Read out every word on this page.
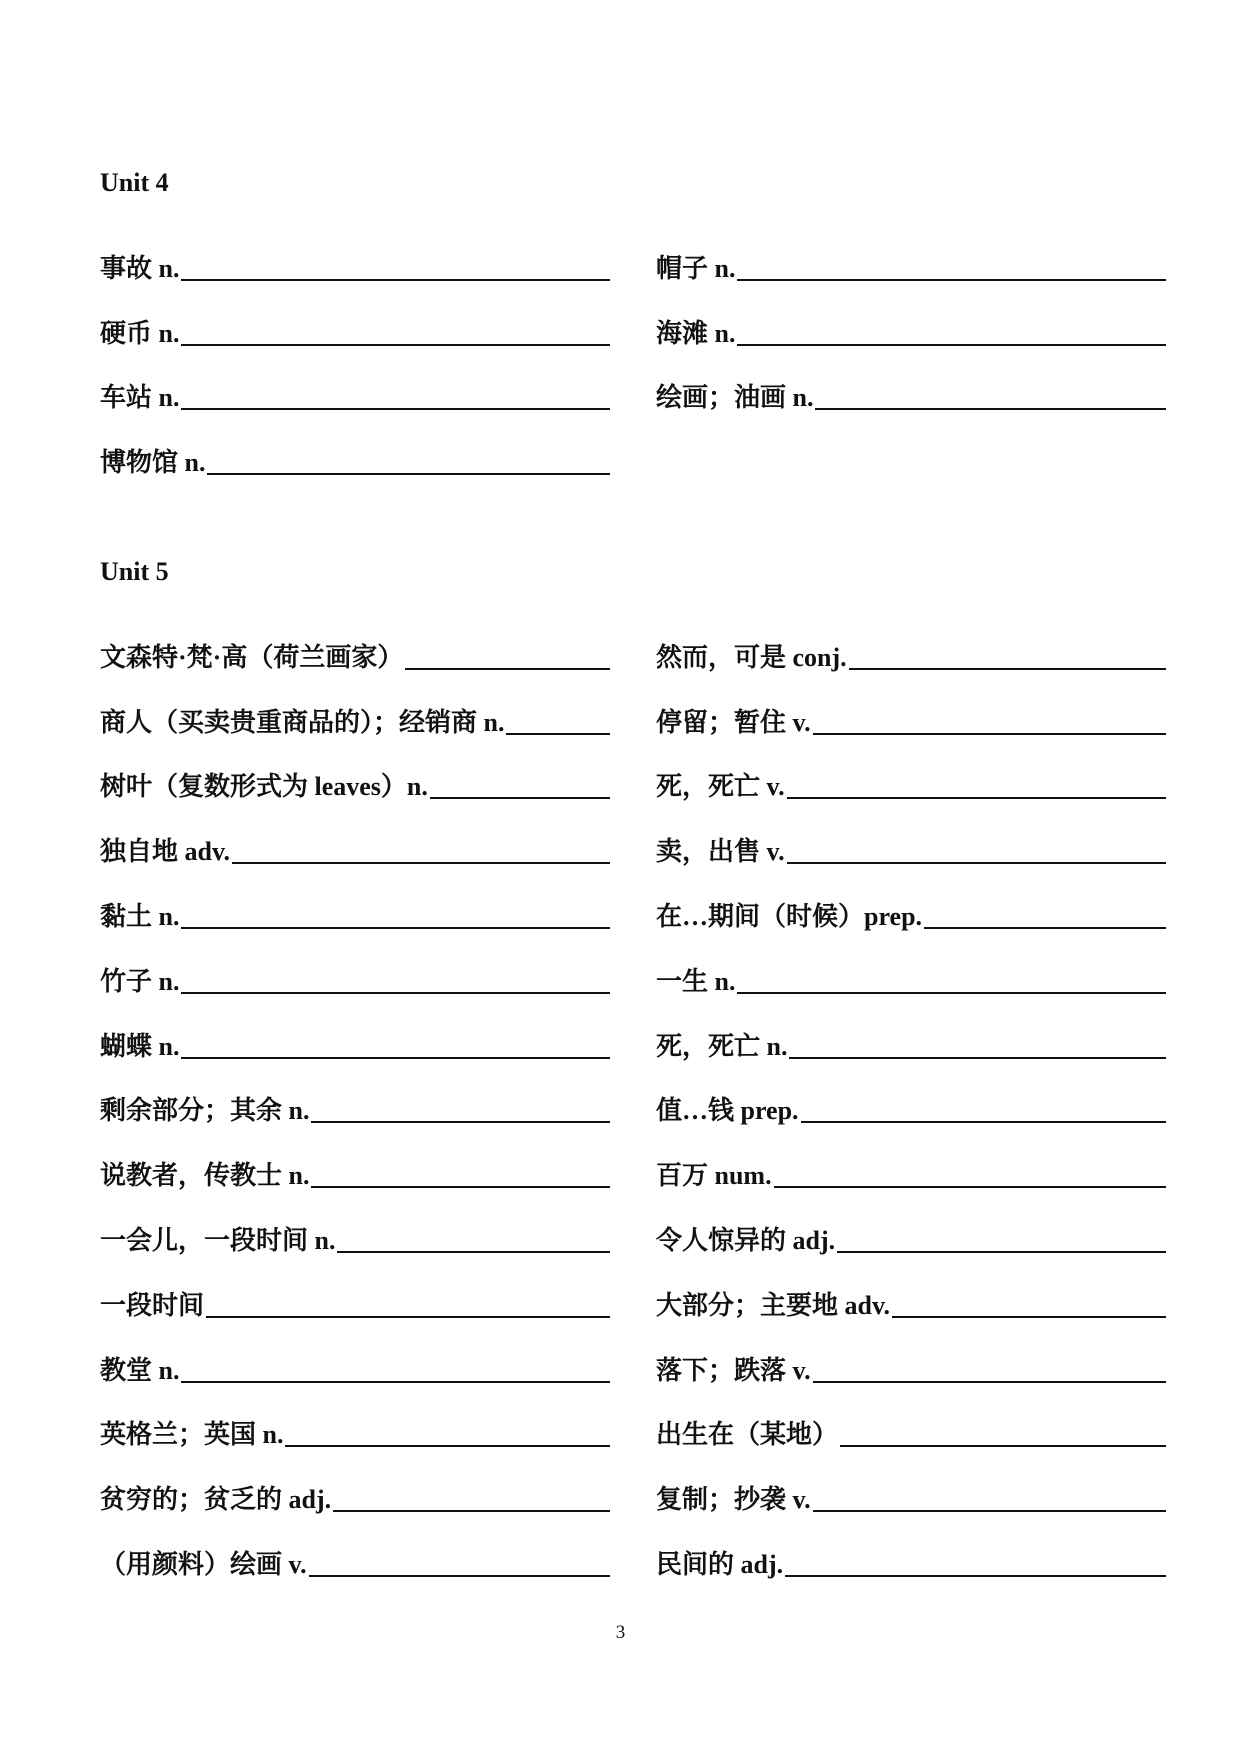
Unit 4
事故 n.	帽子 n.
硬币 n.	海滩 n.
车站 n.	绘画；油画 n.
博物馆 n.
Unit 5
文森特·梵·高（荷兰画家）	然而，可是 conj.
商人（买卖贵重商品的）；经销商 n.	停留；暂住 v.
树叶（复数形式为 leaves）n.	死，死亡 v.
独自地 adv.	卖，出售 v.
黏土 n.	在…期间（时候）prep.
竹子 n.	一生 n.
蝴蝶 n.	死，死亡 n.
剩余部分；其余 n.	值…钱 prep.
说教者，传教士 n.	百万 num.
一会儿，一段时间 n.	令人惊异的 adj.
一段时间	大部分；主要地 adv.
教堂 n.	落下；跌落 v.
英格兰；英国 n.	出生在（某地）
贫穷的；贫乏的 adj.	复制；抄袭 v.
（用颜料）绘画 v.	民间的 adj.
3
